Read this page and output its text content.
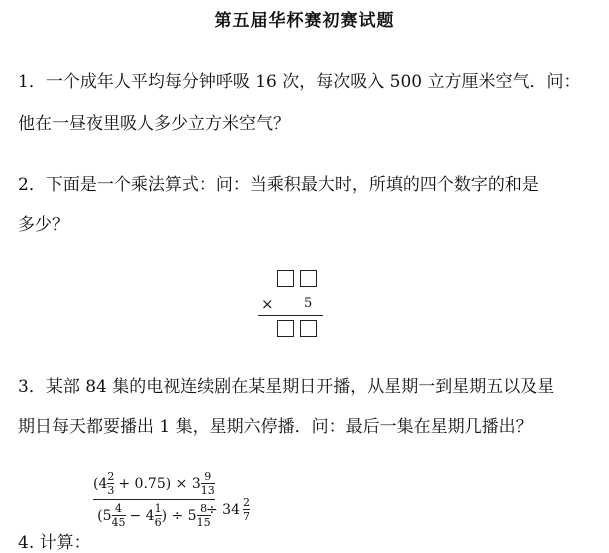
第五届华杯赛初赛试题
1．一个成年人平均每分钟呼吸 16 次，每次吸入 500 立方厘米空气．问：
他在一昼夜里吸人多少立方米空气？
2．下面是一个乘法算式：问：当乘积最大时，所填的四个数字的和是
多少？
× 5
3．某部 84 集的电视连续剧在某星期日开播，从星期一到星期五以及星
期日每天都要播出 1 集，星期六停播．问：最后一集在星期几播出？
4. 计算：
$(4 \frac{2}{3} + 0.75) \times 3 \frac{9}{13}$
($5 \frac{4}{45} - 4 \frac{1}{6}$ ) ÷ $5 \frac{8}{15}$
÷ $34 \frac{2}{7}$
